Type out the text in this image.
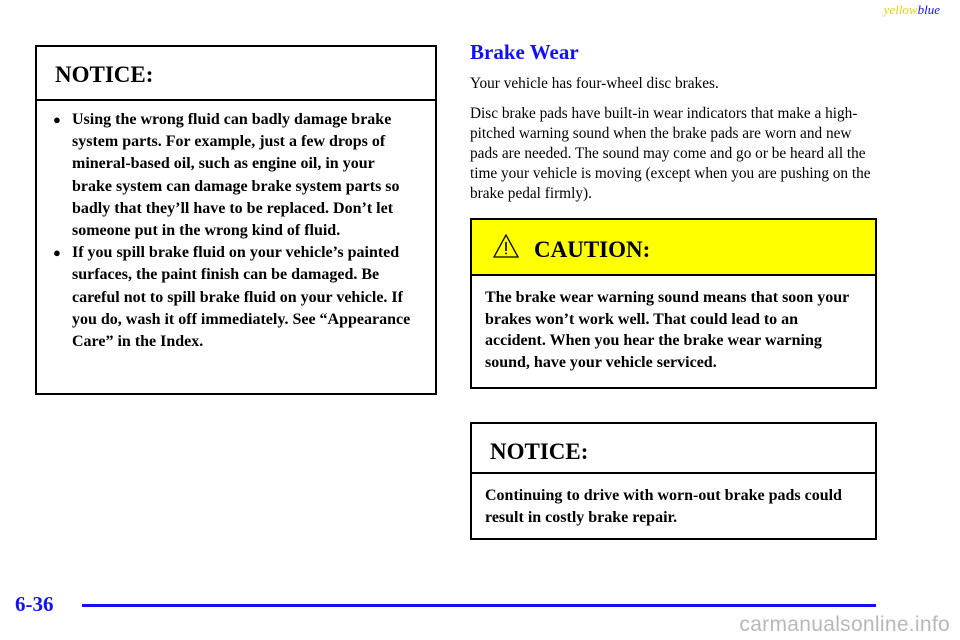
yellowblue
NOTICE:
● Using the wrong fluid can badly damage brake system parts. For example, just a few drops of mineral-based oil, such as engine oil, in your brake system can damage brake system parts so badly that they’ll have to be replaced. Don’t let someone put in the wrong kind of fluid.
● If you spill brake fluid on your vehicle’s painted surfaces, the paint finish can be damaged. Be careful not to spill brake fluid on your vehicle. If you do, wash it off immediately. See “Appearance Care” in the Index.
Brake Wear
Your vehicle has four-wheel disc brakes.
Disc brake pads have built-in wear indicators that make a high-pitched warning sound when the brake pads are worn and new pads are needed. The sound may come and go or be heard all the time your vehicle is moving (except when you are pushing on the brake pedal firmly).
CAUTION:
The brake wear warning sound means that soon your brakes won’t work well. That could lead to an accident. When you hear the brake wear warning sound, have your vehicle serviced.
NOTICE:
Continuing to drive with worn-out brake pads could result in costly brake repair.
6-36
carmanualsonline.info
